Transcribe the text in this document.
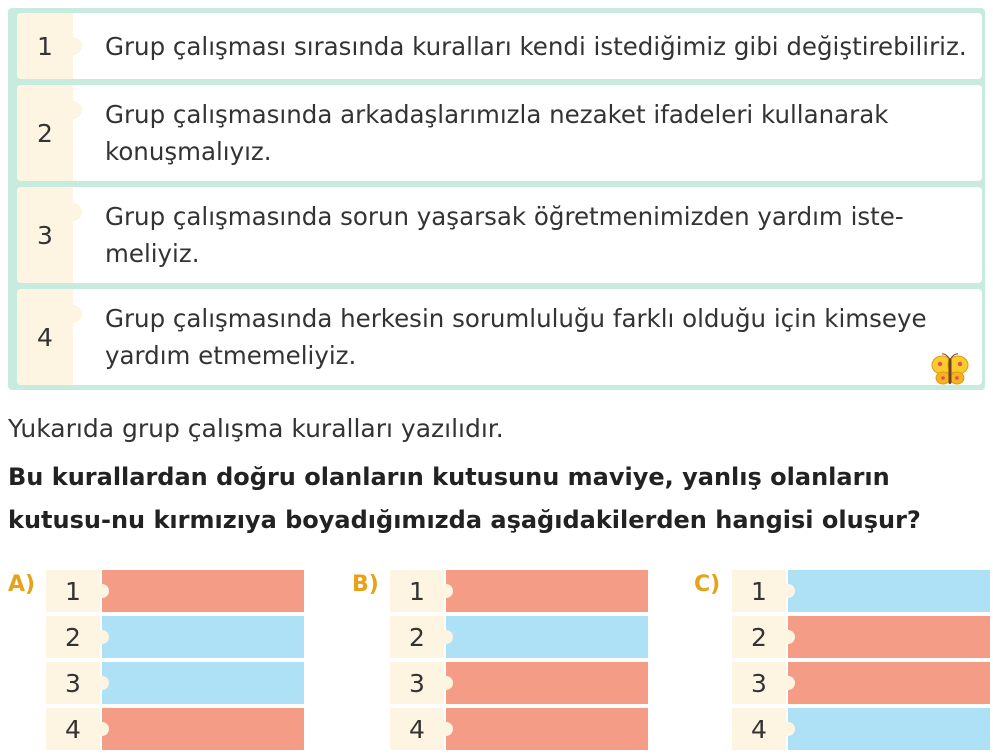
1	Grup çalışması sırasında kuralları kendi istediğimiz gibi değiştirebiliriz.
2
Grup çalışmasında arkadaşlarımızla nezaket ifadeleri kullanarak konuşmalıyız.
3
Grup çalışmasında sorun yaşarsak öğretmenimizden yardım iste-meliyiz.
4
Grup çalışmasında herkesin sorumluluğu farklı olduğu için kimseye yardım etmemeliyiz.
Yukarıda grup çalışma kuralları yazılıdır.
Bu kurallardan doğru olanların kutusunu maviye, yanlış olanların kutusu-nu kırmızıya boyadığımızda aşağıdakilerden hangisi oluşur?
A)	1
2
3
4
B)	1
2
3
4
C)	1
2
3
4
